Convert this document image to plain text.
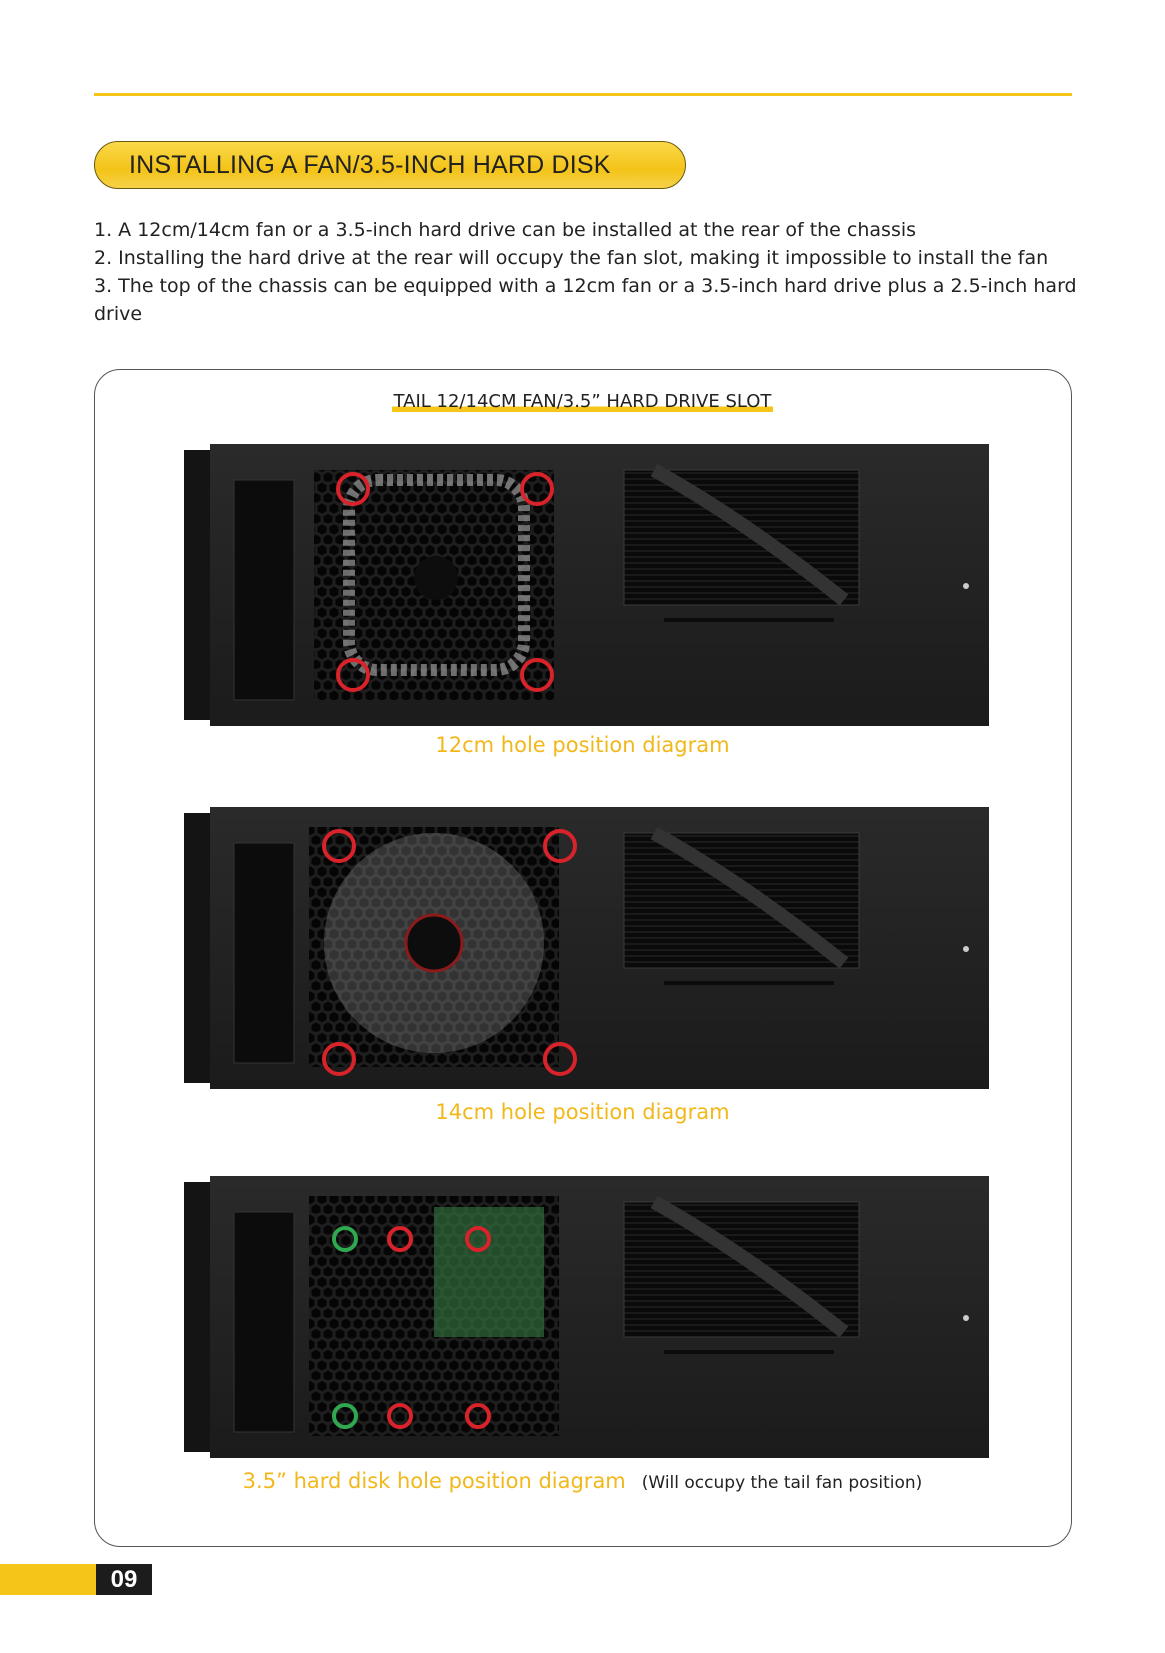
INSTALLING A FAN/3.5-INCH HARD DISK

1. A 12cm/14cm fan or a 3.5-inch hard drive can be installed at the rear of the chassis

2. Installing the hard drive at the rear will occupy the fan slot, making it impossible to install the fan

3. The top of the chassis can be equipped with a 12cm fan or a 3.5-inch hard drive plus a 2.5-inch hard drive

TAIL 12/14CM FAN/3.5” HARD DRIVE SLOT
12cm hole position diagram
14cm hole position diagram
3.5” hard disk hole position diagram (Will occupy the tail fan position)
09
